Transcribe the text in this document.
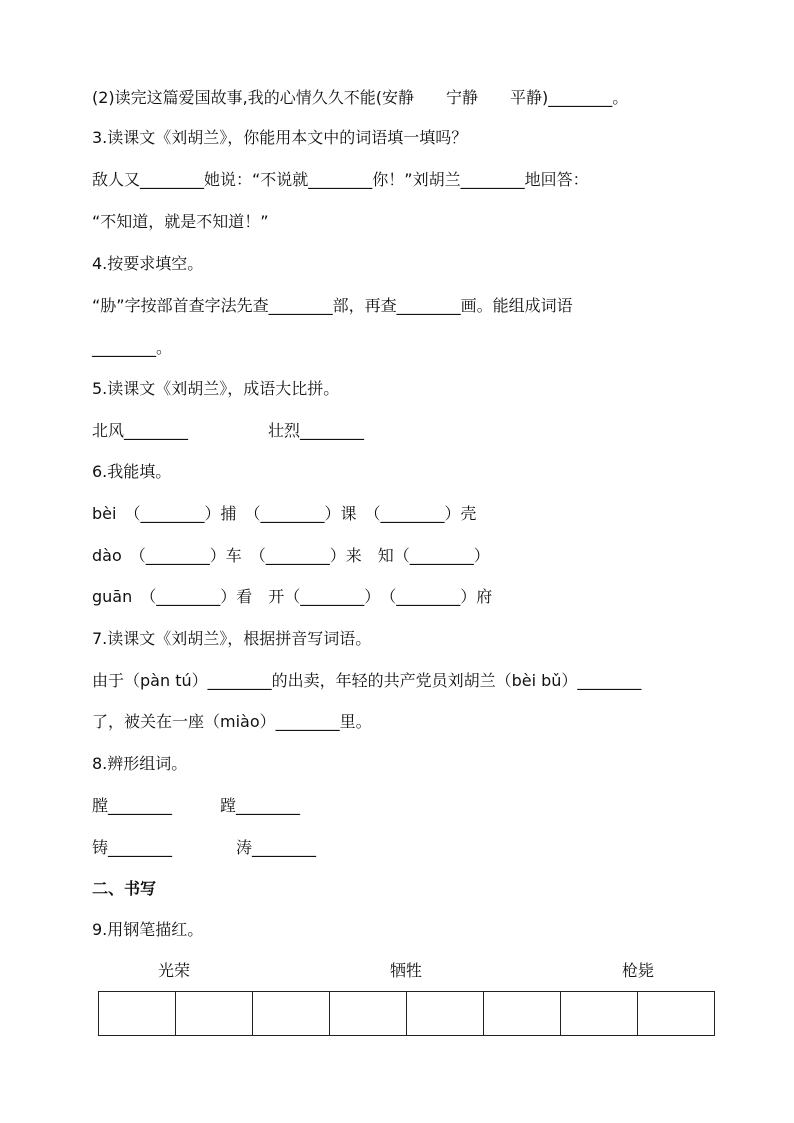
(2)读完这篇爱国故事,我的心情久久不能(安静　　宁静　　平静)________。

3.读课文《刘胡兰》，你能用本文中的词语填一填吗？

敌人又________她说：“不说就________你！”刘胡兰________地回答：

“不知道，就是不知道！”

4.按要求填空。

“胁”字按部首查字法先查________部，再查________画。能组成词语

________。

5.读课文《刘胡兰》，成语大比拼。

北风________　　　　　壮烈________

6.我能填。

bèi　（________）捕　（________）课　（________）壳

dào　（________）车　（________）来　知（________）

guān　（________）看　开（________）　（________）府

7.读课文《刘胡兰》，根据拼音写词语。

由于（pàn tú）________的出卖，年轻的共产党员刘胡兰（bèi bǔ）________

了，被关在一座（miào）________里。

8.辨形组词。

膛________　　　蹚________

铸________　　　　涛________

二、书写

9.用钢笔描红。

光荣	牺牲	枪毙
